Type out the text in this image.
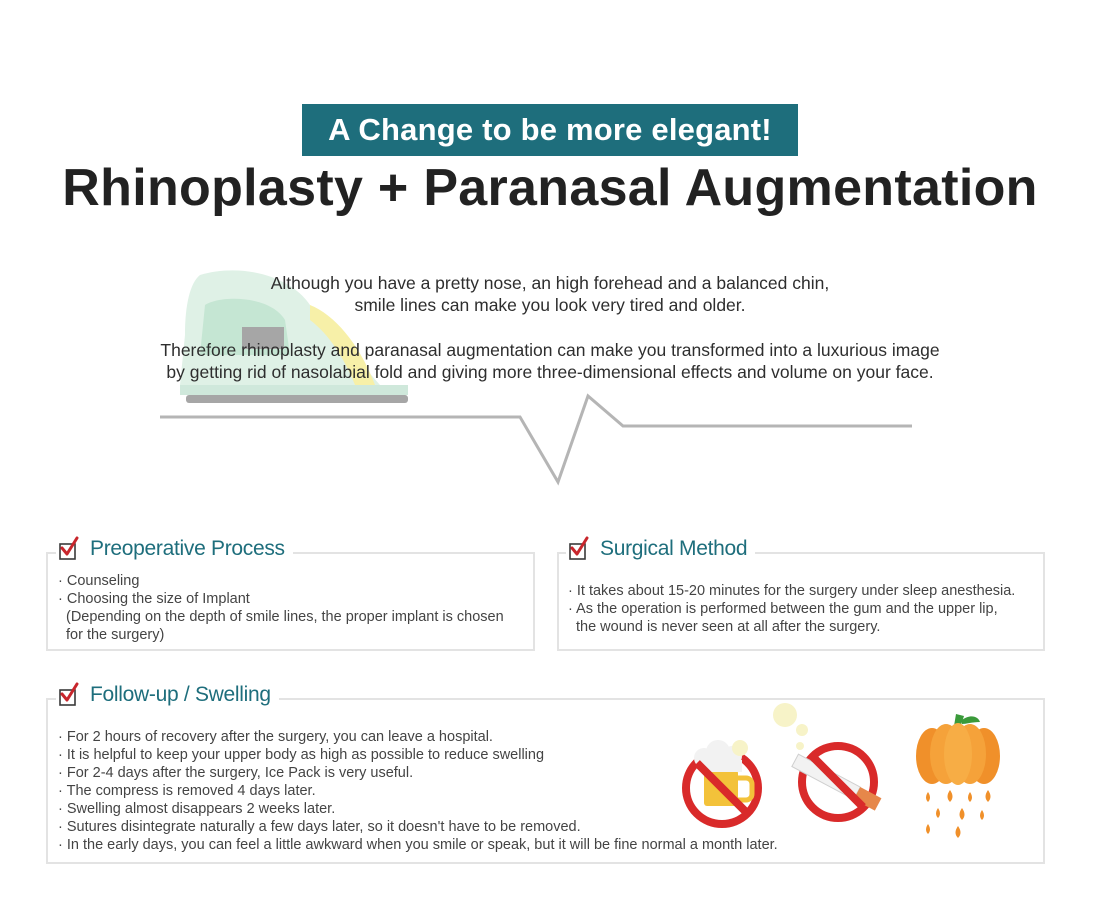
A Change to be more elegant!
Rhinoplasty + Paranasal Augmentation

Although you have a pretty nose, an high forehead and a balanced chin,

smile lines can make you look very tired and older.

Therefore rhinoplasty and paranasal augmentation can make you transformed into a luxurious image

by getting rid of nasolabial fold and giving more three-dimensional effects and volume on your face.

Preoperative Process
· Counseling
· Choosing the size of Implant
(Depending on the depth of smile lines, the proper implant is chosen
for the surgery)
Surgical Method
· It takes about 15-20 minutes for the surgery under sleep anesthesia.
· As the operation is performed between the gum and the upper lip,
the wound is never seen at all after the surgery.
Follow-up / Swelling
· For 2 hours of recovery after the surgery, you can leave a hospital.
· It is helpful to keep your upper body as high as possible to reduce swelling
· For 2-4 days after the surgery, Ice Pack is very useful.
· The compress is removed 4 days later.
· Swelling almost disappears 2 weeks later.
· Sutures disintegrate naturally a few days later, so it doesn't have to be removed.
· In the early days, you can feel a little awkward when you smile or speak, but it will be fine normal a month later.
